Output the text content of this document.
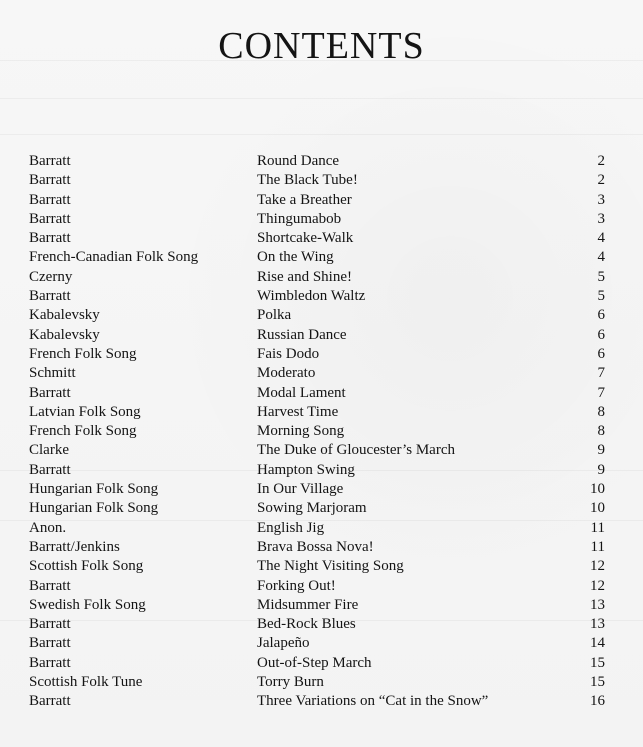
CONTENTS
Barratt	Round Dance	2
Barratt	The Black Tube!	2
Barratt	Take a Breather	3
Barratt	Thingumabob	3
Barratt	Shortcake-Walk	4
French-Canadian Folk Song	On the Wing	4
Czerny	Rise and Shine!	5
Barratt	Wimbledon Waltz	5
Kabalevsky	Polka	6
Kabalevsky	Russian Dance	6
French Folk Song	Fais Dodo	6
Schmitt	Moderato	7
Barratt	Modal Lament	7
Latvian Folk Song	Harvest Time	8
French Folk Song	Morning Song	8
Clarke	The Duke of Gloucester’s March	9
Barratt	Hampton Swing	9
Hungarian Folk Song	In Our Village	10
Hungarian Folk Song	Sowing Marjoram	10
Anon.	English Jig	11
Barratt/Jenkins	Brava Bossa Nova!	11
Scottish Folk Song	The Night Visiting Song	12
Barratt	Forking Out!	12
Swedish Folk Song	Midsummer Fire	13
Barratt	Bed-Rock Blues	13
Barratt	Jalapeño	14
Barratt	Out-of-Step March	15
Scottish Folk Tune	Torry Burn	15
Barratt	Three Variations on “Cat in the Snow”	16
